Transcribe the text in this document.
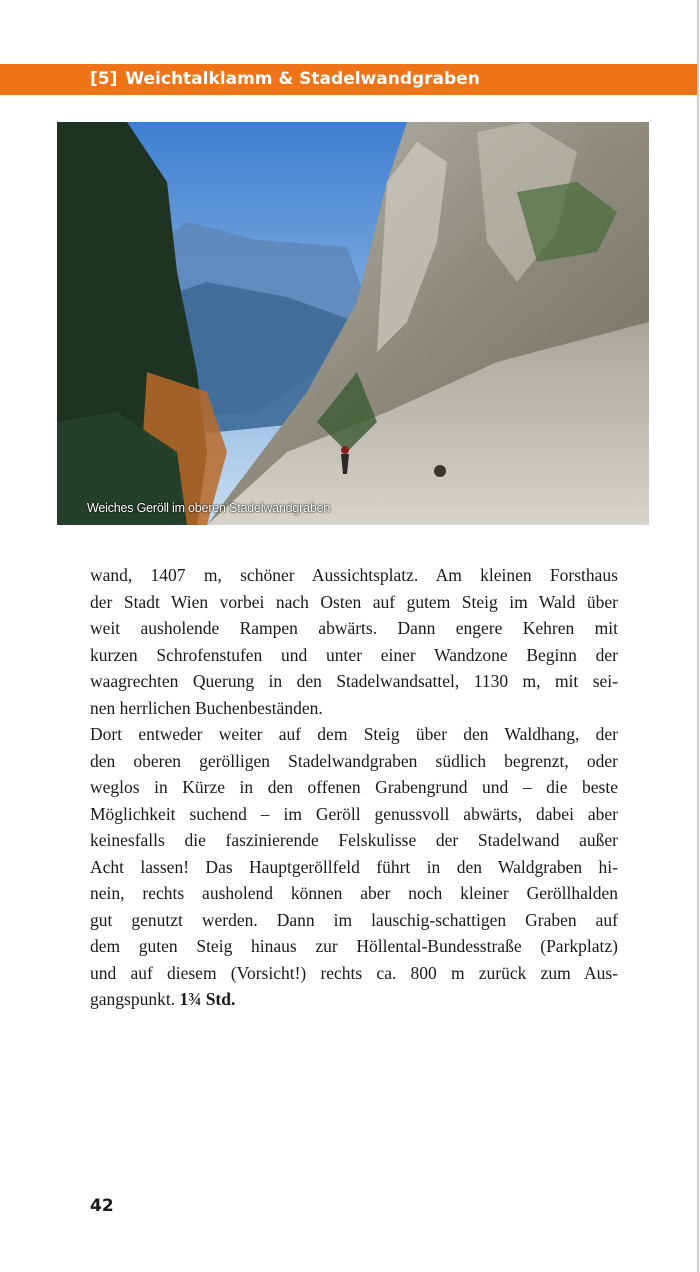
[5] Weichtalklamm & Stadelwandgraben
Weiches Geröll im oberen Stadelwandgraben

wand, 1407 m, schöner Aussichtsplatz. Am kleinen Forsthaus
der Stadt Wien vorbei nach Osten auf gutem Steig im Wald über
weit ausholende Rampen abwärts. Dann engere Kehren mit
kurzen Schrofenstufen und unter einer Wandzone Beginn der
waagrechten Querung in den Stadelwandsattel, 1130 m, mit sei-
nen herrlichen Buchenbeständen.

Dort entweder weiter auf dem Steig über den Waldhang, der
den oberen gerölligen Stadelwandgraben südlich begrenzt, oder
weglos in Kürze in den offenen Grabengrund und – die beste
Möglichkeit suchend – im Geröll genussvoll abwärts, dabei aber
keinesfalls die faszinierende Felskulisse der Stadelwand außer
Acht lassen! Das Hauptgeröllfeld führt in den Waldgraben hi-
nein, rechts ausholend können aber noch kleiner Geröllhalden
gut genutzt werden. Dann im lauschig-schattigen Graben auf
dem guten Steig hinaus zur Höllental-Bundesstraße (Parkplatz)
und auf diesem (Vorsicht!) rechts ca. 800 m zurück zum Aus-
gangspunkt. 1¾ Std.

42
